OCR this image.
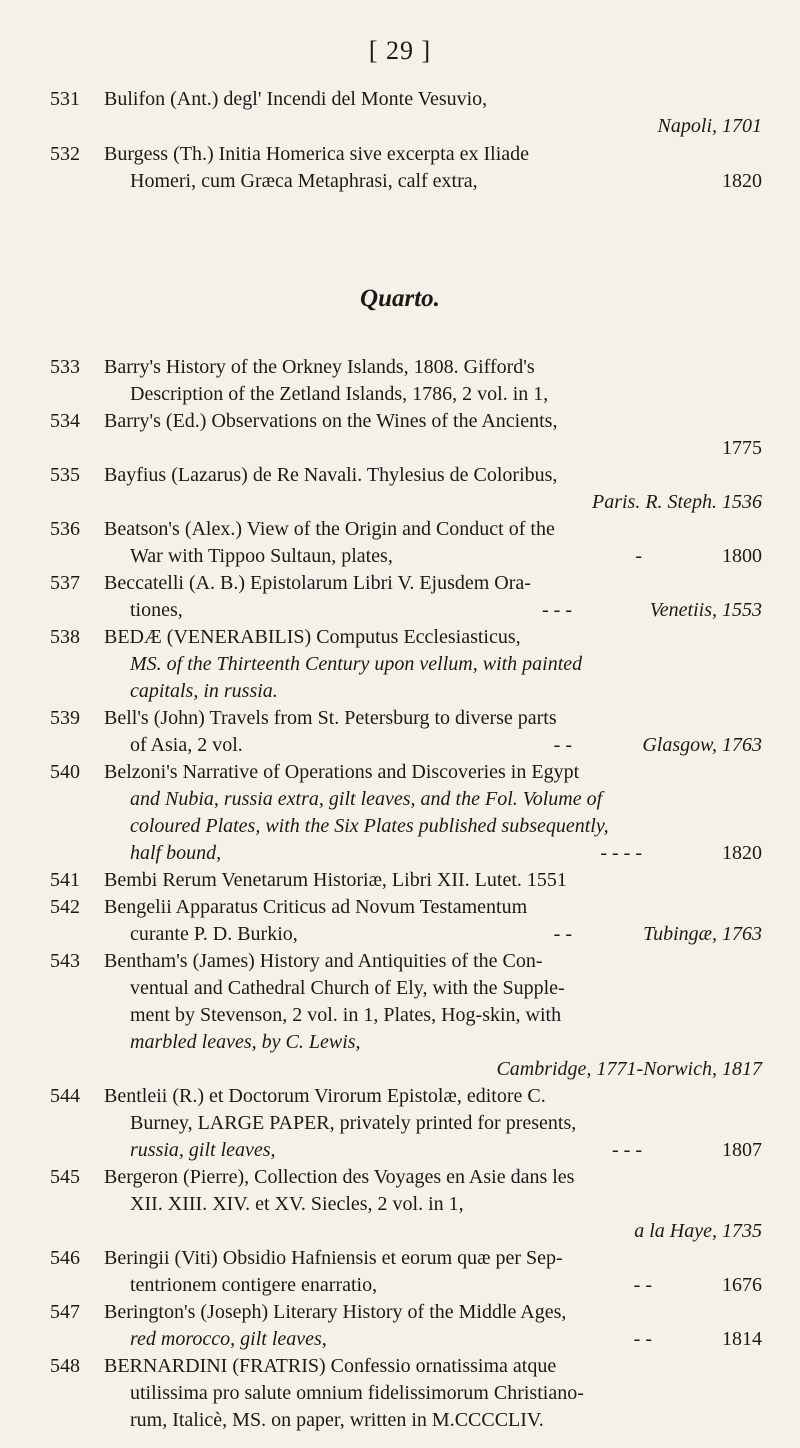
[ 29 ]
531	Bulifon (Ant.) degl' Incendi del Monte Vesuvio,
Napoli, 1701
532	Burgess (Th.) Initia Homerica sive excerpta ex Iliade
Homeri, cum Græca Metaphrasi, calf extra,	1820
Quarto.
533	Barry's History of the Orkney Islands, 1808. Gifford's
Description of the Zetland Islands, 1786, 2 vol. in 1,
534	Barry's (Ed.) Observations on the Wines of the Ancients,
1775
535	Bayfius (Lazarus) de Re Navali. Thylesius de Coloribus,
Paris. R. Steph. 1536
536	Beatson's (Alex.) View of the Origin and Conduct of the
War with Tippoo Sultaun, plates,	-	1800
537	Beccatelli (A. B.) Epistolarum Libri V. Ejusdem Ora-
tiones,	- - -	Venetiis, 1553
538	BEDÆ (VENERABILIS) Computus Ecclesiasticus,
MS. of the Thirteenth Century upon vellum, with painted
capitals, in russia.
539	Bell's (John) Travels from St. Petersburg to diverse parts
of Asia, 2 vol.	- -	Glasgow, 1763
540	Belzoni's Narrative of Operations and Discoveries in Egypt
and Nubia, russia extra, gilt leaves, and the Fol. Volume of
coloured Plates, with the Six Plates published subsequently,
half bound,	- - - -	1820
541	Bembi Rerum Venetarum Historiæ, Libri XII. Lutet. 1551
542	Bengelii Apparatus Criticus ad Novum Testamentum
curante P. D. Burkio,	- -	Tubingæ, 1763
543	Bentham's (James) History and Antiquities of the Con-
ventual and Cathedral Church of Ely, with the Supple-
ment by Stevenson, 2 vol. in 1, Plates, Hog-skin, with
marbled leaves, by C. Lewis,
Cambridge, 1771-Norwich, 1817
544	Bentleii (R.) et Doctorum Virorum Epistolæ, editore C.
Burney, LARGE PAPER, privately printed for presents,
russia, gilt leaves,	- - -	1807
545	Bergeron (Pierre), Collection des Voyages en Asie dans les
XII. XIII. XIV. et XV. Siecles, 2 vol. in 1,
a la Haye, 1735
546	Beringii (Viti) Obsidio Hafniensis et eorum quæ per Sep-
tentrionem contigere enarratio,	- -	1676
547	Berington's (Joseph) Literary History of the Middle Ages,
red morocco, gilt leaves,	- -	1814
548	BERNARDINI (FRATRIS) Confessio ornatissima atque
utilissima pro salute omnium fidelissimorum Christiano-
rum, Italicè, MS. on paper, written in M.CCCCLIV.
